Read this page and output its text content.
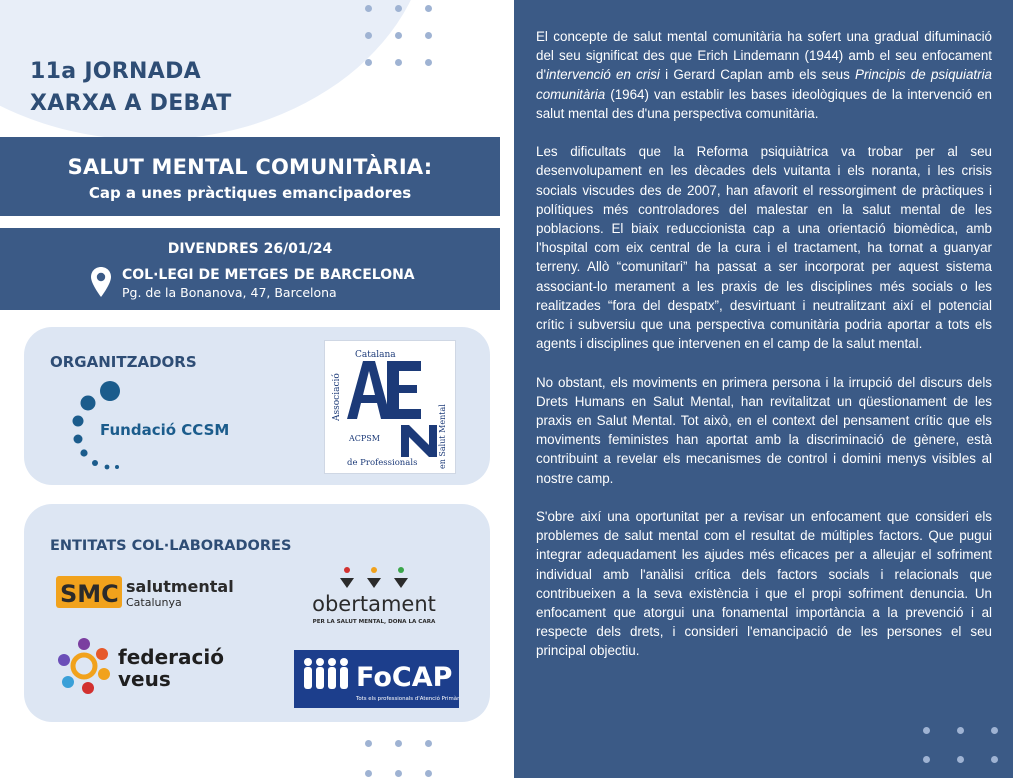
11a JORNADA
XARXA A DEBAT
SALUT MENTAL COMUNITÀRIA:
Cap a unes pràctiques emancipadores
DIVENDRES 26/01/24
COL·LEGI DE METGES DE BARCELONA
Pg. de la Bonanova, 47, Barcelona
ORGANITZADORS
Fundació CCSM
Catalana
Associació
en Salut Mental
de Professionals
ACPSM
ENTITATS COL·LABORADORES
SMC salutmental
Catalunya	obertament
PER LA SALUT MENTAL, DONA LA CARA
federació
veus	FoCAP
Tots els professionals d'Atenció Primària

El concepte de salut mental comunitària ha sofert una gradual difuminació del seu significat des que Erich Lindemann (1944) amb el seu enfocament d'intervenció en crisi i Gerard Caplan amb els seus Principis de psiquiatria comunitària (1964) van establir les bases ideològiques de la intervenció en salut mental des d'una perspectiva comunitària.

Les dificultats que la Reforma psiquiàtrica va trobar per al seu desenvolupament en les dècades dels vuitanta i els noranta, i les crisis socials viscudes des de 2007, han afavorit el ressorgiment de pràctiques i polítiques més controladores del malestar en la salut mental de les poblacions. El biaix reduccionista cap a una orientació biomèdica, amb l'hospital com eix central de la cura i el tractament, ha tornat a guanyar terreny. Allò “comunitari” ha passat a ser incorporat per aquest sistema associant-lo merament a les praxis de les disciplines més socials o les realitzades “fora del despatx”, desvirtuant i neutralitzant així el potencial crític i subversiu que una perspectiva comunitària podria aportar a tots els agents i disciplines que intervenen en el camp de la salut mental.

No obstant, els moviments en primera persona i la irrupció del discurs dels Drets Humans en Salut Mental, han revitalitzat un qüestionament de les praxis en Salut Mental. Tot això, en el context del pensament crític que els moviments feministes han aportat amb la discriminació de gènere, està contribuint a revelar els mecanismes de control i domini menys visibles al nostre camp.

S'obre així una oportunitat per a revisar un enfocament que consideri els problemes de salut mental com el resultat de múltiples factors. Que pugui integrar adequadament les ajudes més eficaces per a alleujar el sofriment individual amb l'anàlisi crítica dels factors socials i relacionals que contribueixen a la seva existència i que el propi sofriment denuncia. Un enfocament que atorgui una fonamental importància a la prevenció i al respecte dels drets, i consideri l'emancipació de les persones el seu principal objectiu.
